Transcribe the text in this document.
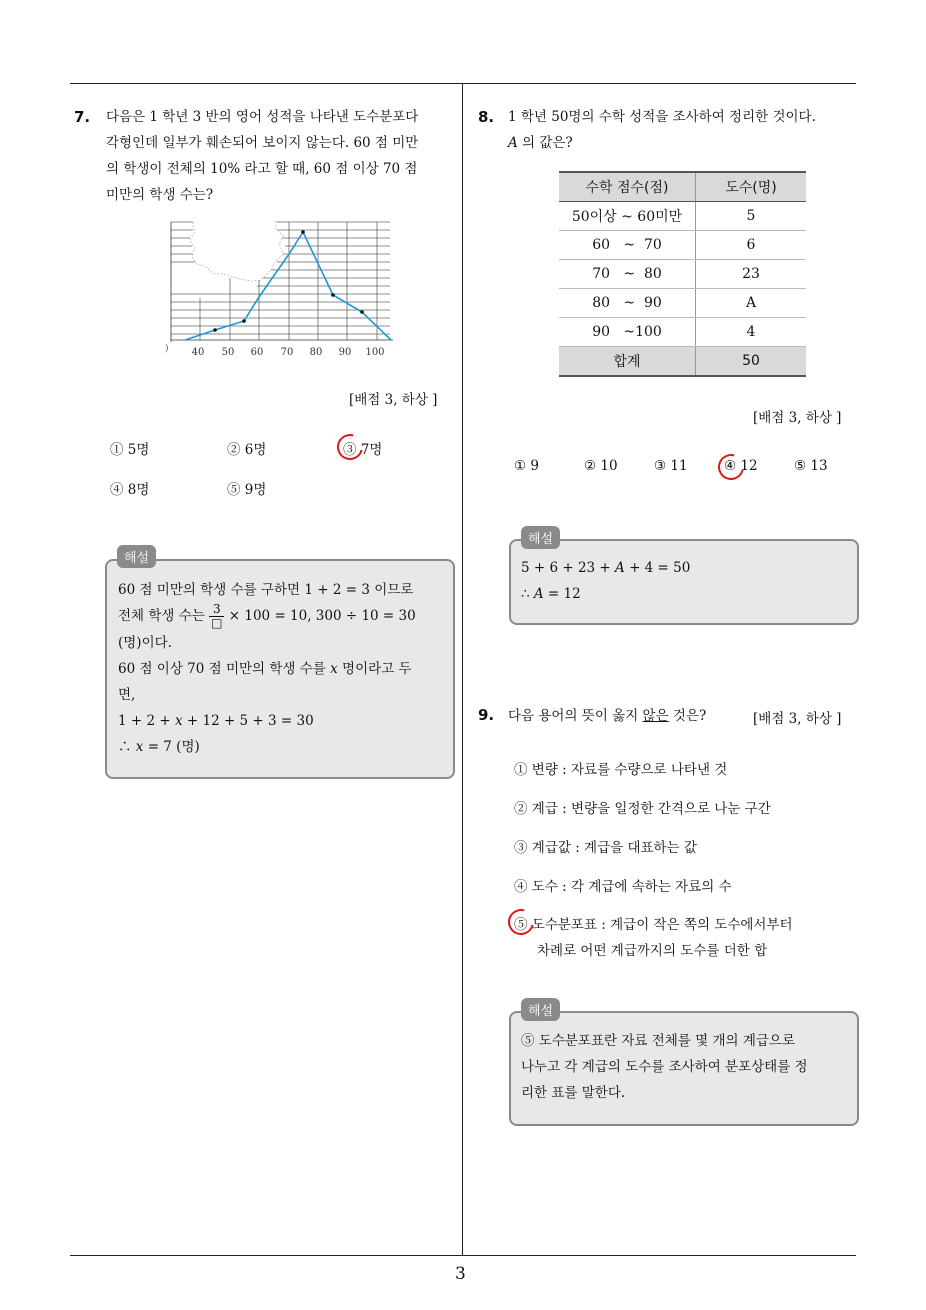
3
7. 다음은 1 학년 3 반의 영어 성적을 나타낸 도수분포다
각형인데 일부가 훼손되어 보이지 않는다. 60 점 미만
의 학생이 전체의 10% 라고 할 때, 60 점 이상 70 점
미만의 학생 수는?
) 40 50 60 70 80 90 100
[배점 3, 하상 ]
① 5명	② 6명	③ 7명
④ 8명	⑤ 9명
해설
60 점 미만의 학생 수를 구하면 1 + 2 = 3 이므로
전체 학생 수는 $\frac{3}{□} \times 100 = 10$, 300 ÷ 10 = 30
(명)이다.
60 점 이상 70 점 미만의 학생 수를 𝑥 명이라고 두
면,
1 + 2 + 𝑥 + 12 + 5 + 3 = 30
∴ 𝑥 = 7 (명)
8. 1 학년 50명의 수학 성적을 조사하여 정리한 것이다.
𝐴 의 값은?
수학 점수(점)	도수(명)
50이상 ~ 60미만	5
60   ~  70	6
70   ~  80	23
80   ~  90	A
90   ~100	4
합계	50
[배점 3, 하상 ]
① 9	② 10	③ 11	④ 12	⑤ 13
해설
5 + 6 + 23 + 𝐴 + 4 = 50
∴ 𝐴 = 12
9. 다음 용어의 뜻이 옳지 않은 것은?	[배점 3, 하상 ]
① 변량 : 자료를 수량으로 나타낸 것
② 계급 : 변량을 일정한 간격으로 나눈 구간
③ 계급값 : 계급을 대표하는 값
④ 도수 : 각 계급에 속하는 자료의 수
⑤ 도수분포표 : 계급이 작은 쪽의 도수에서부터
차례로 어떤 계급까지의 도수를 더한 합
해설
⑤ 도수분포표란 자료 전체를 몇 개의 계급으로
나누고 각 계급의 도수를 조사하여 분포상태를 정
리한 표를 말한다.
